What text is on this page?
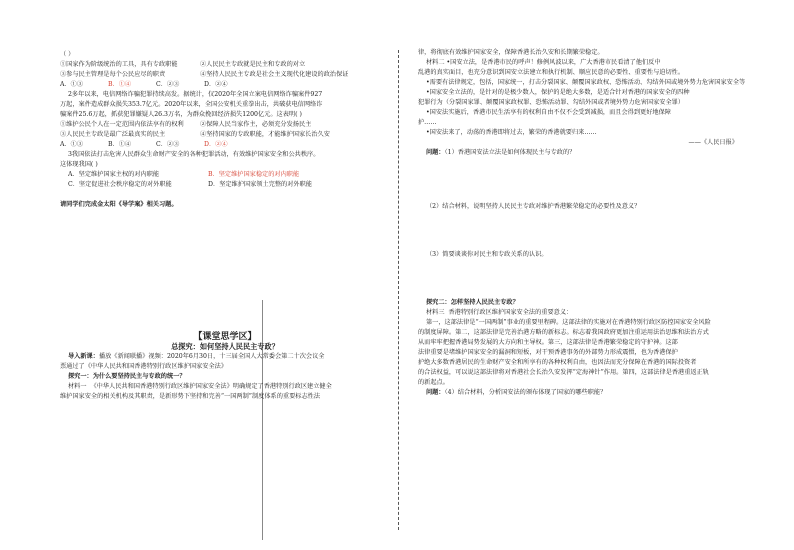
（ ）
①国家作为阶级统治的工具，具有专政职能	②人民民主专政就是民主和专政的对立
③参与民主管理是每个公民应尽的职责	④坚持人民民主专政是社会主义现代化建设的政治保证
A．①③	B．①④	C．②③	D．②④
2多年以来，电信网络诈骗犯罪持续高发。据统计，仅2020年全国立案电信网络诈骗案件927
万起，案件造成群众损失353.7亿元。2020年以来，全国公安机关重拳出击，共破获电信网络诈
骗案件25.6万起，抓获犯罪嫌疑人26.3万名，为群众挽回经济损失1200亿元。这表明( )
①维护公民个人在一定范围内依法享有的权利	②保障人民当家作主，必须充分发扬民主
③人民民主专政是最广泛最真实的民主	④坚持国家的专政职能，才能维护国家长治久安
A．①③	B．①④	C．②③	D．②④
3我国依法打击危害人民群众生命财产安全的各种犯罪活动，有效维护国家安全和公共秩序。
这体现我国( )
A．坚定维护国家主权的对内职能	B．坚定维护国家稳定的对内职能
C．坚定促进社会秩序稳定的对外职能	D．坚定维护国家领土完整的对外职能
请同学们完成金太阳《导学案》相关习题。
【课堂思学区】
总探究：如何坚持人民民主专政？
导入新课：播放《新闻联播》视频：2020年6月30日，十三届全国人大常委会第二十次会议全
票通过了《中华人民共和国香港特别行政区维护国家安全法》
探究一：为什么要坚持民主与专政的统一？
材料一 《中华人民共和国香港特别行政区维护国家安全法》明确规定了香港特别行政区建立健全
维护国家安全的相关机构及其职责，是新形势下坚持和完善“一国两制”制度体系的重要标志性法
律，将彻底有效维护国家安全，保障香港长治久安和长期繁荣稳定。
材料二 •国安立法，是香港市民的呼声！修例风波以来，广大香港市民看清了他们反中
乱港的真实面目，也充分意识到国安立法建立和执行机制、顺应民意的必要性、重要性与迫切性。
•需要有法律规定，包括，国家统一，打击分裂国家、颠覆国家政权、恐怖活动、勾结外国或境外势力危害国家安全等
•国家安全立法的，是针对的是极少数人，保护的是绝大多数，是适合针对香港的国家安全的四种
犯罪行为（分裂国家罪、颠覆国家政权罪、恐怖活动罪、勾结外国或者境外势力危害国家安全罪）
•国安法实施后，香港市民生活享有的权利自由不仅不会受到减损，而且会得到更好地保障
护……
•国安法来了，动荡的香港即将过去，繁荣的香港就要归来……
——《人民日报》
问题：（1）香港国安法立法是如何体现民主与专政的？
（2）结合材料，说明坚持人民民主专政对维护香港繁荣稳定的必要性及意义？
（3）简要谈谈你对民主和专政关系的认识。
探究二：怎样坚持人民民主专政？
材料三 香港特别行政区维护国家安全法的重要意义：
第一，这部法律是“一国两制”事业的重要里程碑。这部法律的实施对在香港特别行政区防控国家安全风险
的制度屏障。第二，这部法律是完善治港方略的新标志。标志着我国政府更加注重运用法治思维和法治方式
从而牢牢把握香港局势发展的大方向和主导权。第三，这部法律是香港繁荣稳定的守护神。这部
法律重要是堵维护国家安全的漏洞和短板，对干预香港事务的外部势力形成震慑，也为香港保护
护绝大多数香港居民的生命财产安全和所享有的各种权利自由，也因法而充分保障在香港的国际投资者
的合法权益，可以说这部法律将对香港社会长治久安发挥“定海神针”作用。第四，这部法律是香港重返正轨
的新起点。
问题：（4）结合材料，分析国安法的颁布体现了国家的哪些职能？
